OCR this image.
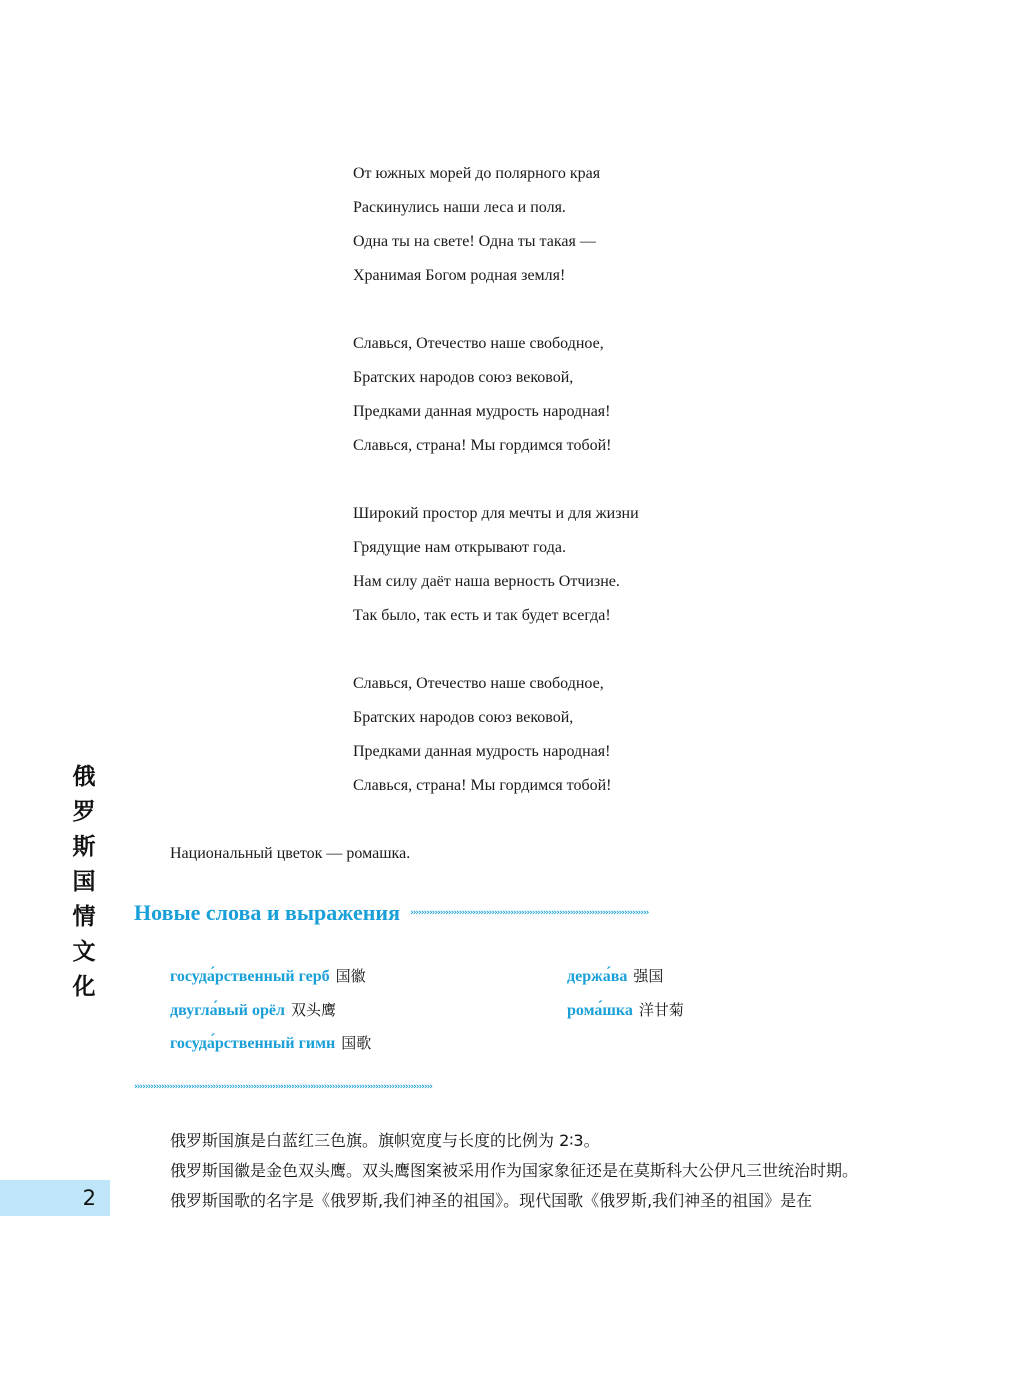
От южных морей до полярного края
Раскинулись наши леса и поля.
Одна ты на свете! Одна ты такая —
Хранимая Богом родная земля!
Славься, Отечество наше свободное,
Братских народов союз вековой,
Предками данная мудрость народная!
Славься, страна! Мы гордимся тобой!
Широкий простор для мечты и для жизни
Грядущие нам открывают года.
Нам силу даёт наша верность Отчизне.
Так было, так есть и так будет всегда!
Славься, Отечество наше свободное,
Братских народов союз вековой,
Предками данная мудрость народная!
Славься, страна! Мы гордимся тобой!
俄
罗
斯
国
情
文
化
2
Национальный цветок — ромашка.
Новые слова и выражения ››››››››››››››››››››››››››››››››››››››››››››››››››››››››››››››››››››››››››››››››››››››››
госуда́рственный герб 国徽	держа́ва 强国
двугла́вый орёл 双头鹰	рома́шка 洋甘菊
госуда́рственный гимн 国歌
››››››››››››››››››››››››››››››››››››››››››››››››››››››››››››››››››››››››››››››››››››››››››››››››››››››››››››››

俄罗斯国旗是白蓝红三色旗。旗帜宽度与长度的比例为 2∶3。

俄罗斯国徽是金色双头鹰。双头鹰图案被采用作为国家象征还是在莫斯科大公伊凡三世统治时期。

俄罗斯国歌的名字是《俄罗斯,我们神圣的祖国》。现代国歌《俄罗斯,我们神圣的祖国》是在
